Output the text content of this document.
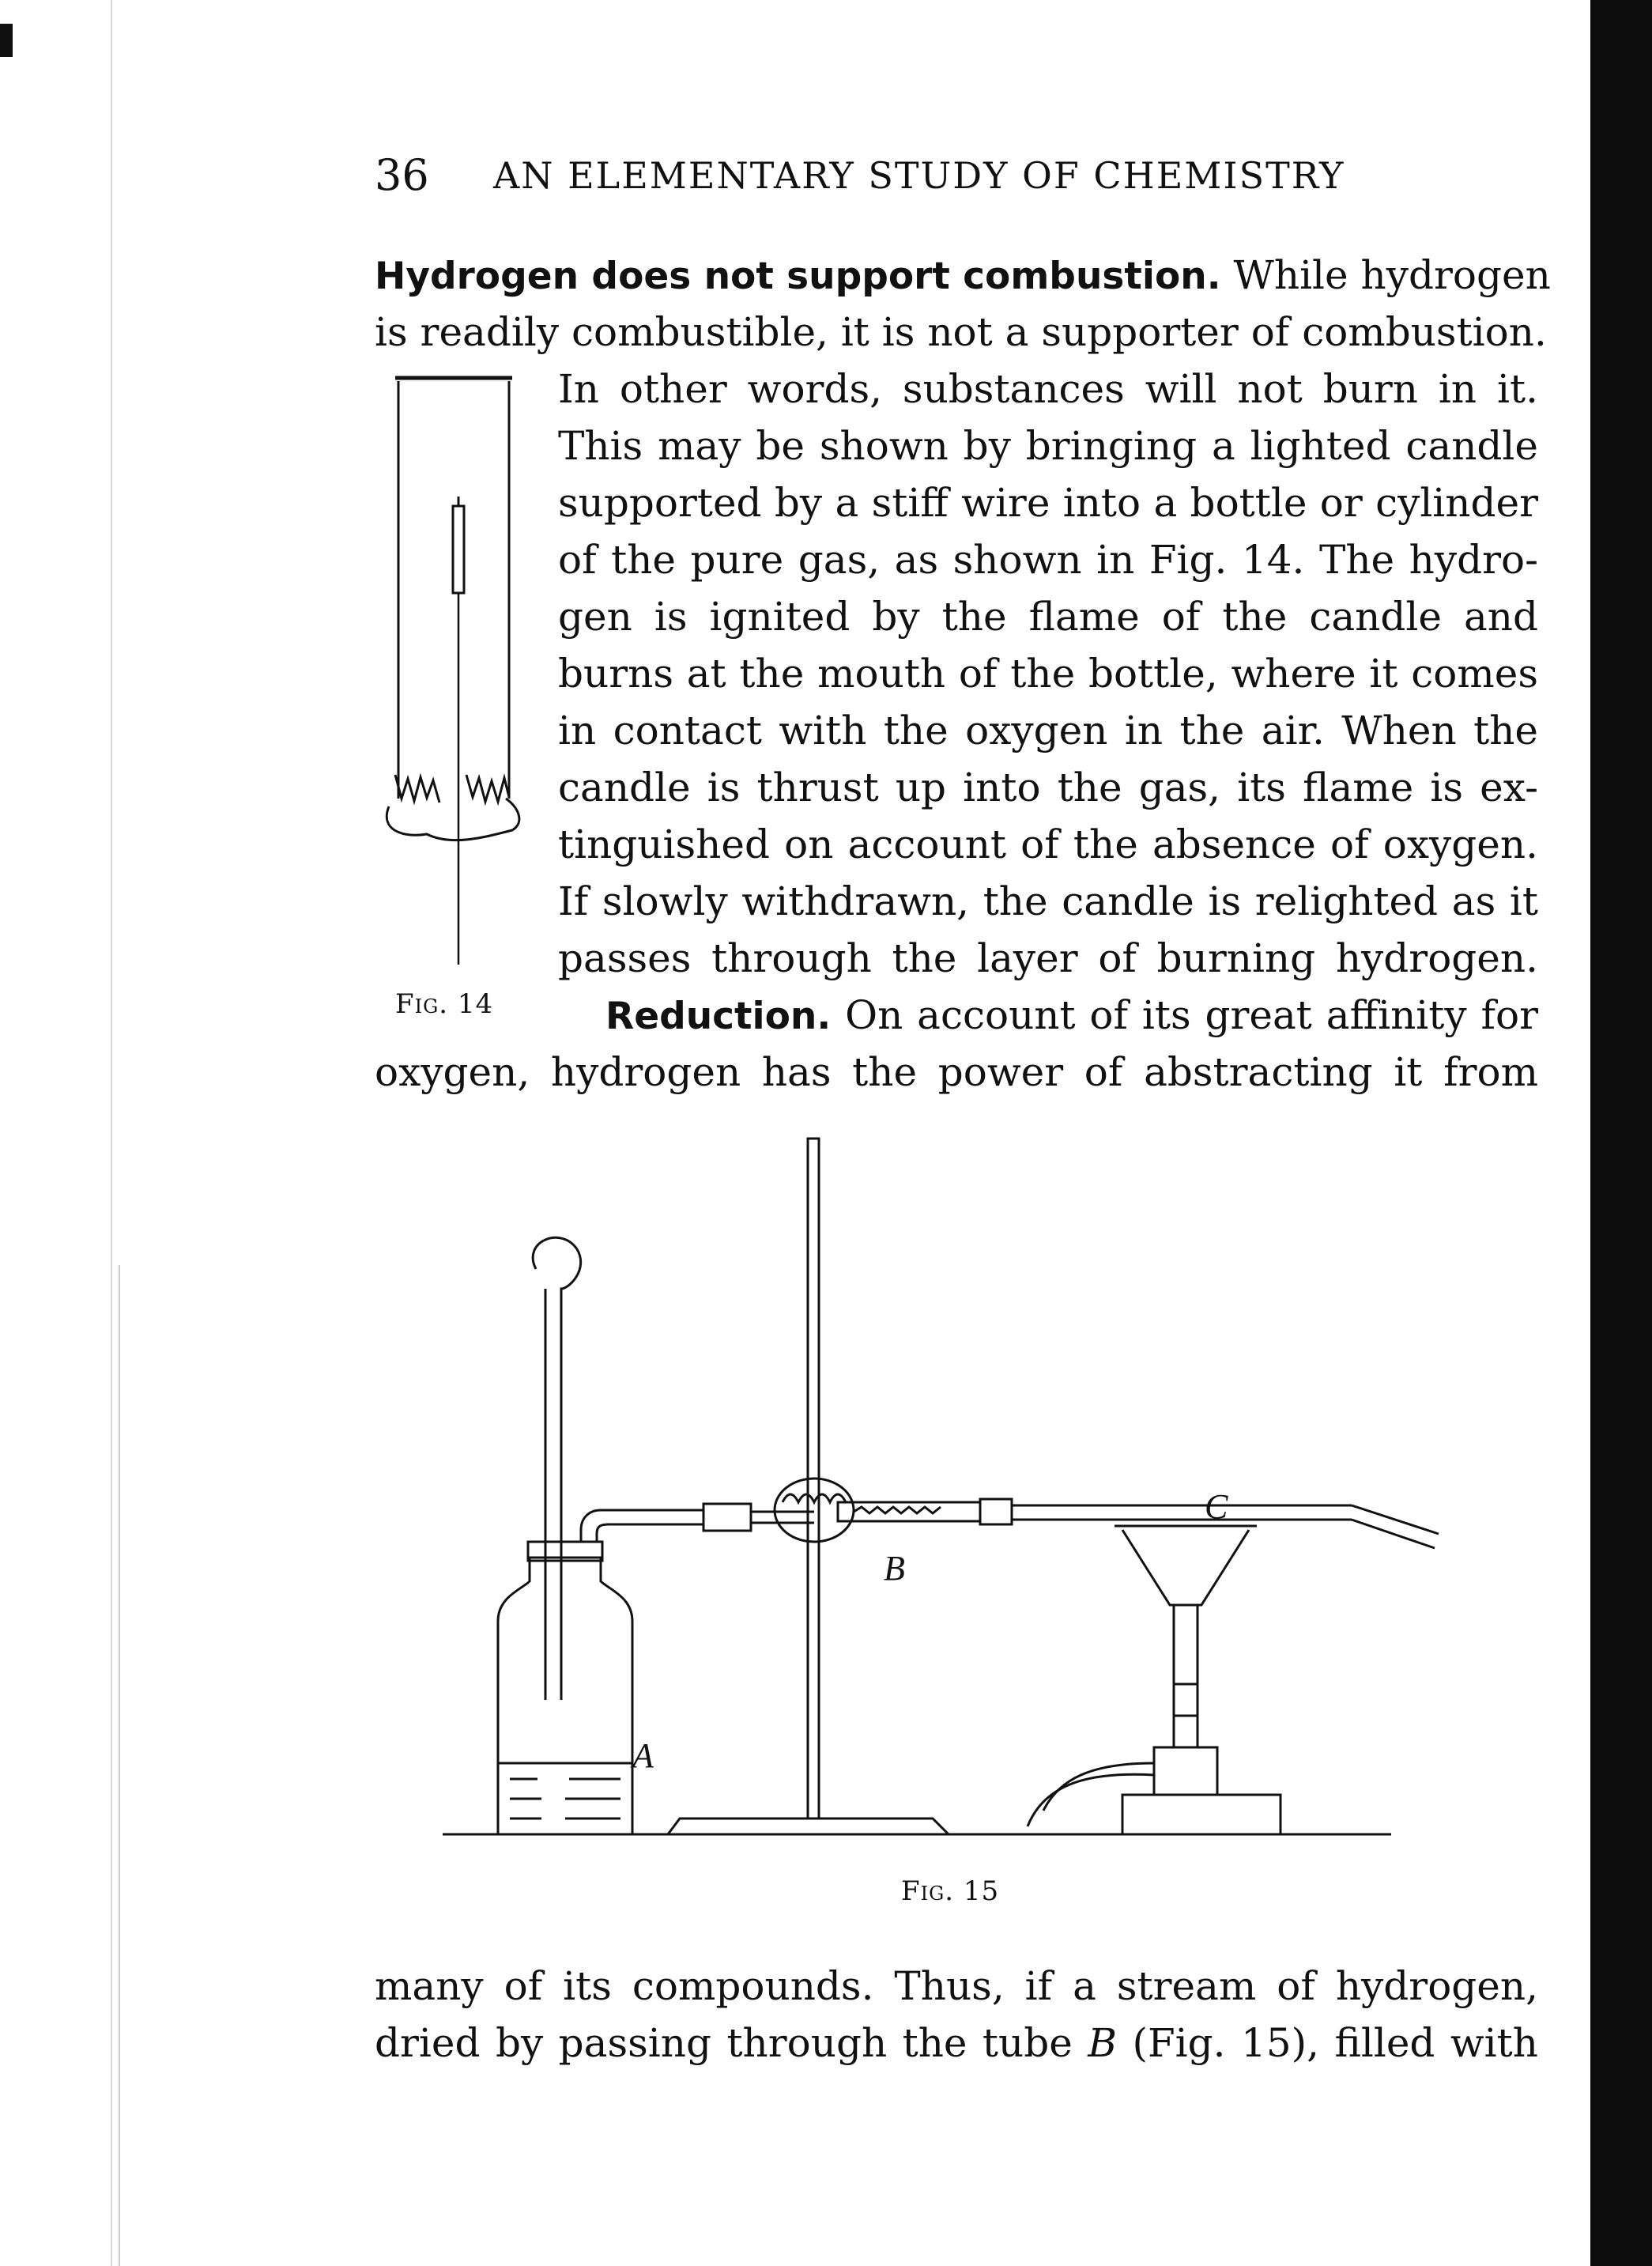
36 AN ELEMENTARY STUDY OF CHEMISTRY
Hydrogen does not support combustion. While hydrogen
is readily combustible, it is not a supporter of combustion.
In other words, substances will not burn in it.
This may be shown by bringing a lighted candle
supported by a stiff wire into a bottle or cylinder
of the pure gas, as shown in Fig. 14. The hydro-
gen is ignited by the flame of the candle and
burns at the mouth of the bottle, where it comes
in contact with the oxygen in the air. When the
candle is thrust up into the gas, its flame is ex-
tinguished on account of the absence of oxygen.
If slowly withdrawn, the candle is relighted as it
passes through the layer of burning hydrogen.
Reduction. On account of its great affinity for
oxygen, hydrogen has the power of abstracting it from
Fig. 14
A
B
C
Fig. 15
many of its compounds. Thus, if a stream of hydrogen,
dried by passing through the tube B (Fig. 15), filled with
